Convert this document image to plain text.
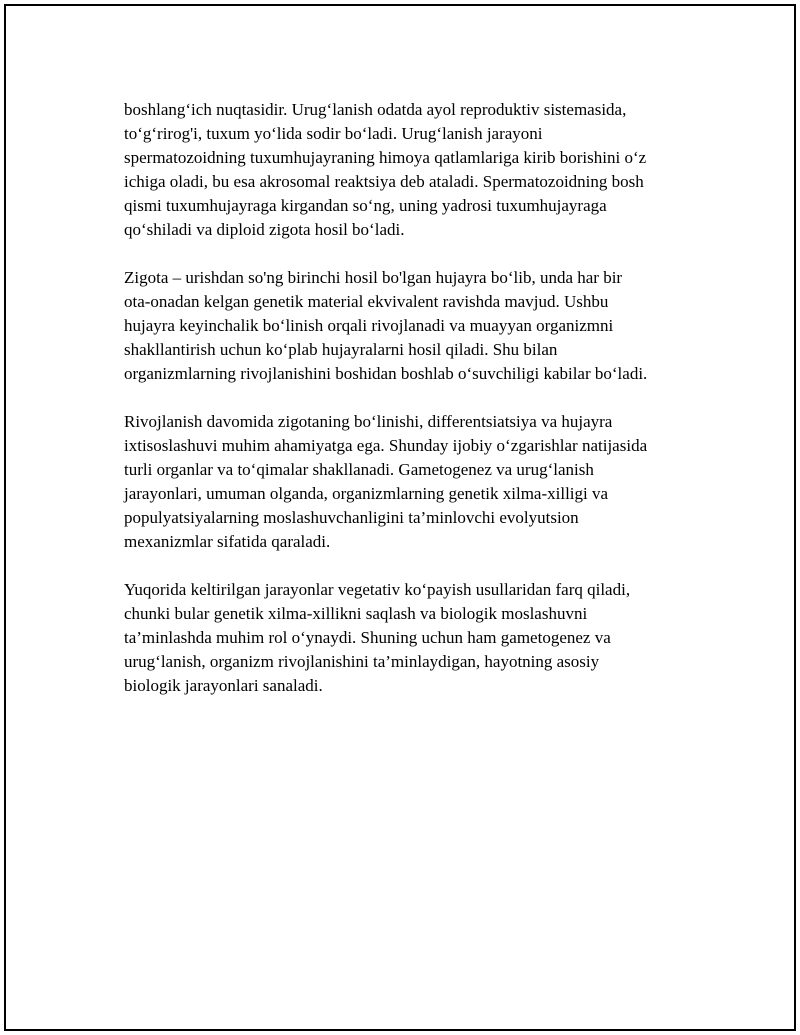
boshlang‘ich nuqtasidir. Urug‘lanish odatda ayol reproduktiv sistemasida,
to‘g‘rirog'i, tuxum yo‘lida sodir bo‘ladi. Urug‘lanish jarayoni
spermatozoidning tuxumhujayraning himoya qatlamlariga kirib borishini o‘z
ichiga oladi, bu esa akrosomal reaktsiya deb ataladi. Spermatozoidning bosh
qismi tuxumhujayraga kirgandan so‘ng, uning yadrosi tuxumhujayraga
qo‘shiladi va diploid zigota hosil bo‘ladi.

Zigota – urishdan so'ng birinchi hosil bo'lgan hujayra bo‘lib, unda har bir
ota-onadan kelgan genetik material ekvivalent ravishda mavjud. Ushbu
hujayra keyinchalik bo‘linish orqali rivojlanadi va muayyan organizmni
shakllantirish uchun ko‘plab hujayralarni hosil qiladi. Shu bilan
organizmlarning rivojlanishini boshidan boshlab o‘suvchiligi kabilar bo‘ladi.

Rivojlanish davomida zigotaning bo‘linishi, differentsiatsiya va hujayra
ixtisoslashuvi muhim ahamiyatga ega. Shunday ijobiy o‘zgarishlar natijasida
turli organlar va to‘qimalar shakllanadi. Gametogenez va urug‘lanish
jarayonlari, umuman olganda, organizmlarning genetik xilma-xilligi va
populyatsiyalarning moslashuvchanligini ta’minlovchi evolyutsion
mexanizmlar sifatida qaraladi.

Yuqorida keltirilgan jarayonlar vegetativ ko‘payish usullaridan farq qiladi,
chunki bular genetik xilma-xillikni saqlash va biologik moslashuvni
ta’minlashda muhim rol o‘ynaydi. Shuning uchun ham gametogenez va
urug‘lanish, organizm rivojlanishini ta’minlaydigan, hayotning asosiy
biologik jarayonlari sanaladi.
